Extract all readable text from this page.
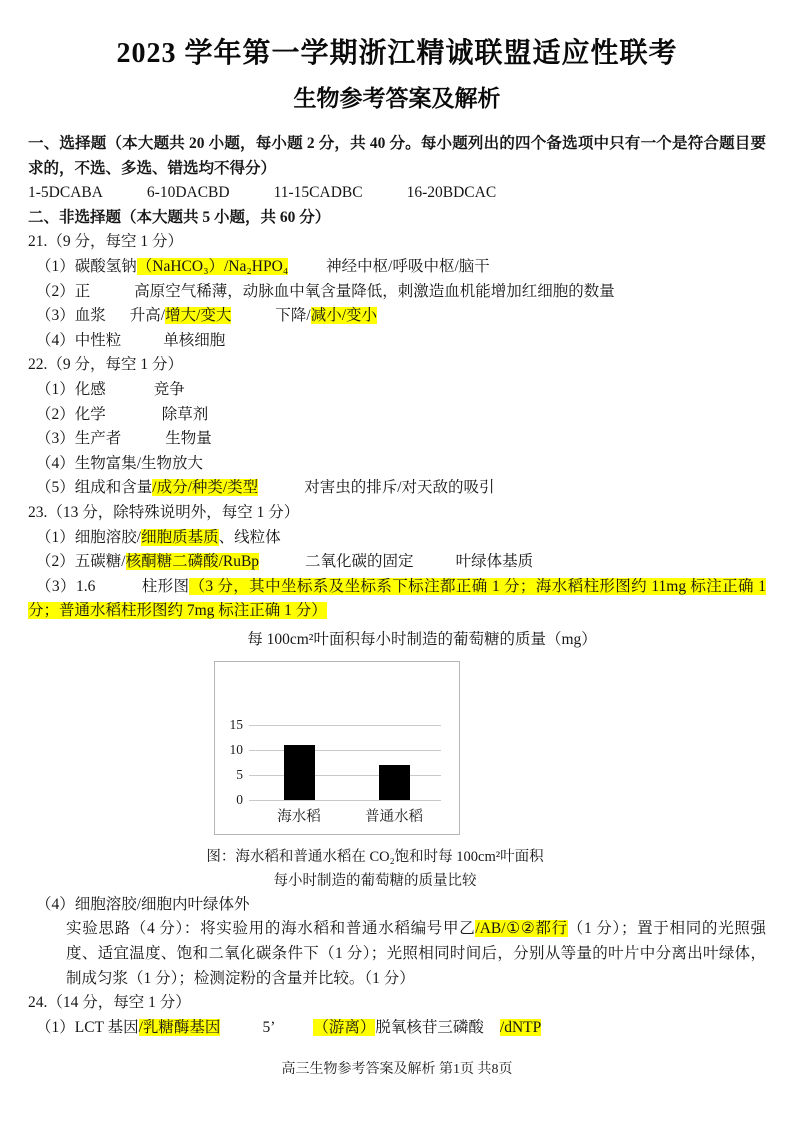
2023 学年第一学期浙江精诚联盟适应性联考
生物参考答案及解析
一、选择题（本大题共 20 小题，每小题 2 分，共 40 分。每小题列出的四个备选项中只有一个是符合题目要求的，不选、多选、错选均不得分）
1-5DCABA	6-10DACBD	11-15CADBC	16-20BDCAC
二、非选择题（本大题共 5 小题，共 60 分）
21.（9 分，每空 1 分）
（1）碳酸氢钠（NaHCO₃）/Na₂HPO₄ 神经中枢/呼吸中枢/脑干
（2）正	高原空气稀薄，动脉血中氧含量降低，刺激造血机能增加红细胞的数量
（3）血浆 升高/增大/变大	下降/减小/变小
（4）中性粒	单核细胞
22.（9 分，每空 1 分）
（1）化感	竞争
（2）化学	除草剂
（3）生产者	生物量
（4）生物富集/生物放大
（5）组成和含量/成分/种类/类型	对害虫的排斥/对天敌的吸引
23.（13 分，除特殊说明外，每空 1 分）
（1）细胞溶胶/细胞质基质、线粒体
（2）五碳糖/核酮糖二磷酸/RuBp	二氧化碳的固定	叶绿体基质
（3）1.6	柱形图（3 分，其中坐标系及坐标系下标注都正确 1 分；海水稻柱形图约 11mg 标注正确 1 分；普通水稻柱形图约 7mg 标注正确 1 分）
每 100cm²叶面积每小时制造的葡萄糖的质量（mg）
0
5
10
15
海水稻	普通水稻
图：海水稻和普通水稻在 CO₂饱和时每 100cm²叶面积
每小时制造的葡萄糖的质量比较
（4）细胞溶胶/细胞内叶绿体外
实验思路（4 分）：将实验用的海水稻和普通水稻编号甲乙/AB/①②都行（1 分）；置于相同的光照强度、适宜温度、饱和二氧化碳条件下（1 分）；光照相同时间后，分别从等量的叶片中分离出叶绿体，制成匀浆（1 分）；检测淀粉的含量并比较。（1 分）
24.（14 分，每空 1 分）
（1）LCT 基因/乳糖酶基因	5’ （游离）脱氧核苷三磷酸 /dNTP
高三生物参考答案及解析 第1页 共8页
